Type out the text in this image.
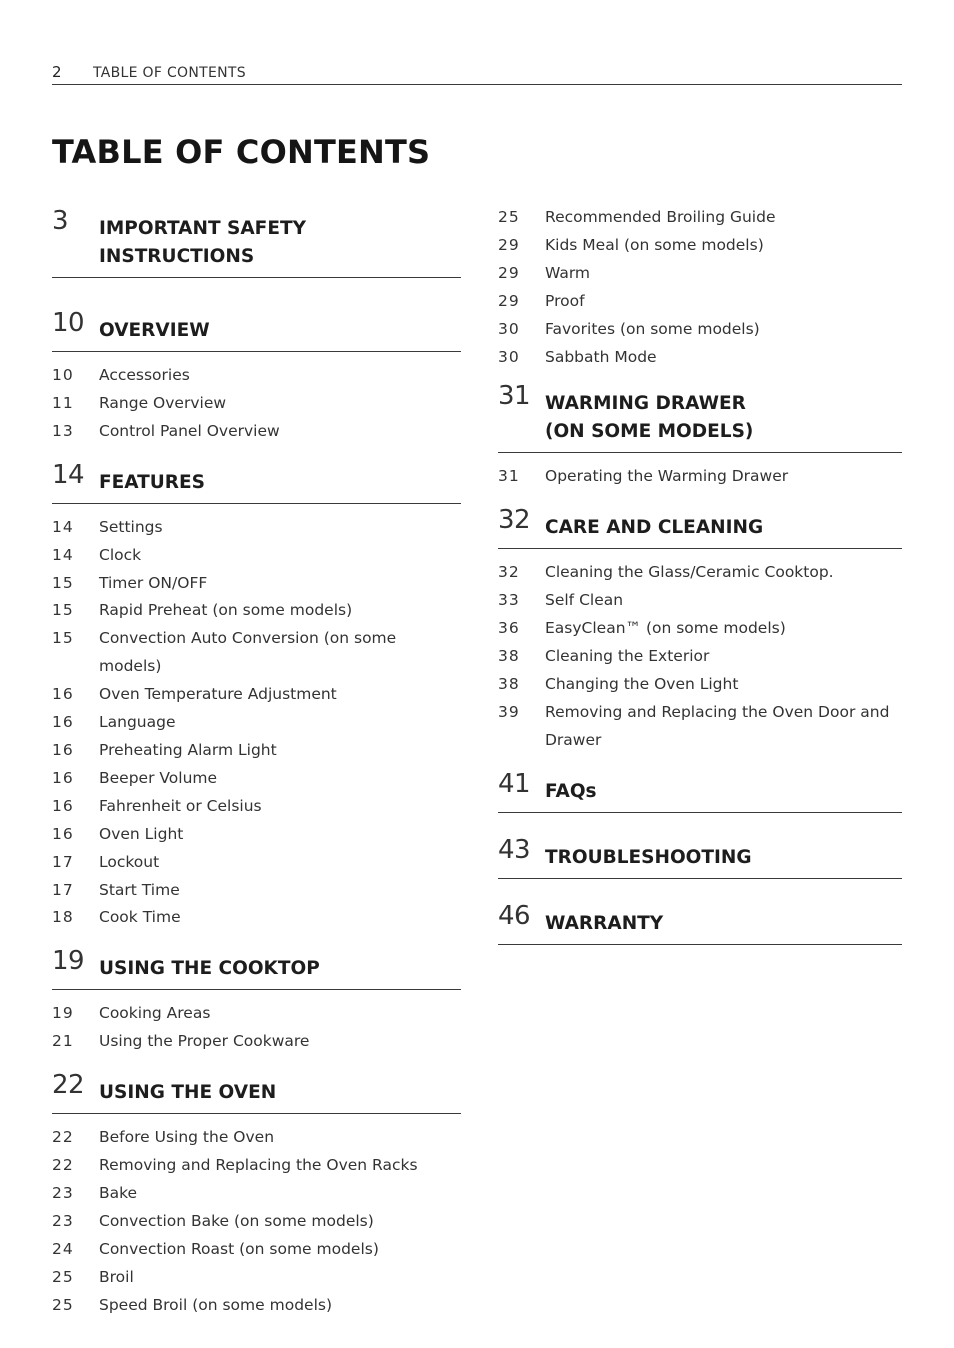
2 TABLE OF CONTENTS
TABLE OF CONTENTS
3 IMPORTANT SAFETY INSTRUCTIONS
10 OVERVIEW
10 Accessories
11 Range Overview
13 Control Panel Overview
14 FEATURES
14 Settings
14 Clock
15 Timer ON/OFF
15 Rapid Preheat (on some models)
15 Convection Auto Conversion (on some models)
16 Oven Temperature Adjustment
16 Language
16 Preheating Alarm Light
16 Beeper Volume
16 Fahrenheit or Celsius
16 Oven Light
17 Lockout
17 Start Time
18 Cook Time
19 USING THE COOKTOP
19 Cooking Areas
21 Using the Proper Cookware
22 USING THE OVEN
22 Before Using the Oven
22 Removing and Replacing the Oven Racks
23 Bake
23 Convection Bake (on some models)
24 Convection Roast (on some models)
25 Broil
25 Speed Broil (on some models)
25 Recommended Broiling Guide
29 Kids Meal (on some models)
29 Warm
29 Proof
30 Favorites (on some models)
30 Sabbath Mode
31 WARMING DRAWER
(ON SOME MODELS)
31 Operating the Warming Drawer
32 CARE AND CLEANING
32 Cleaning the Glass/Ceramic Cooktop.
33 Self Clean
36 EasyClean™ (on some models)
38 Cleaning the Exterior
38 Changing the Oven Light
39 Removing and Replacing the Oven Door and Drawer
41 FAQs
43 TROUBLESHOOTING
46 WARRANTY
